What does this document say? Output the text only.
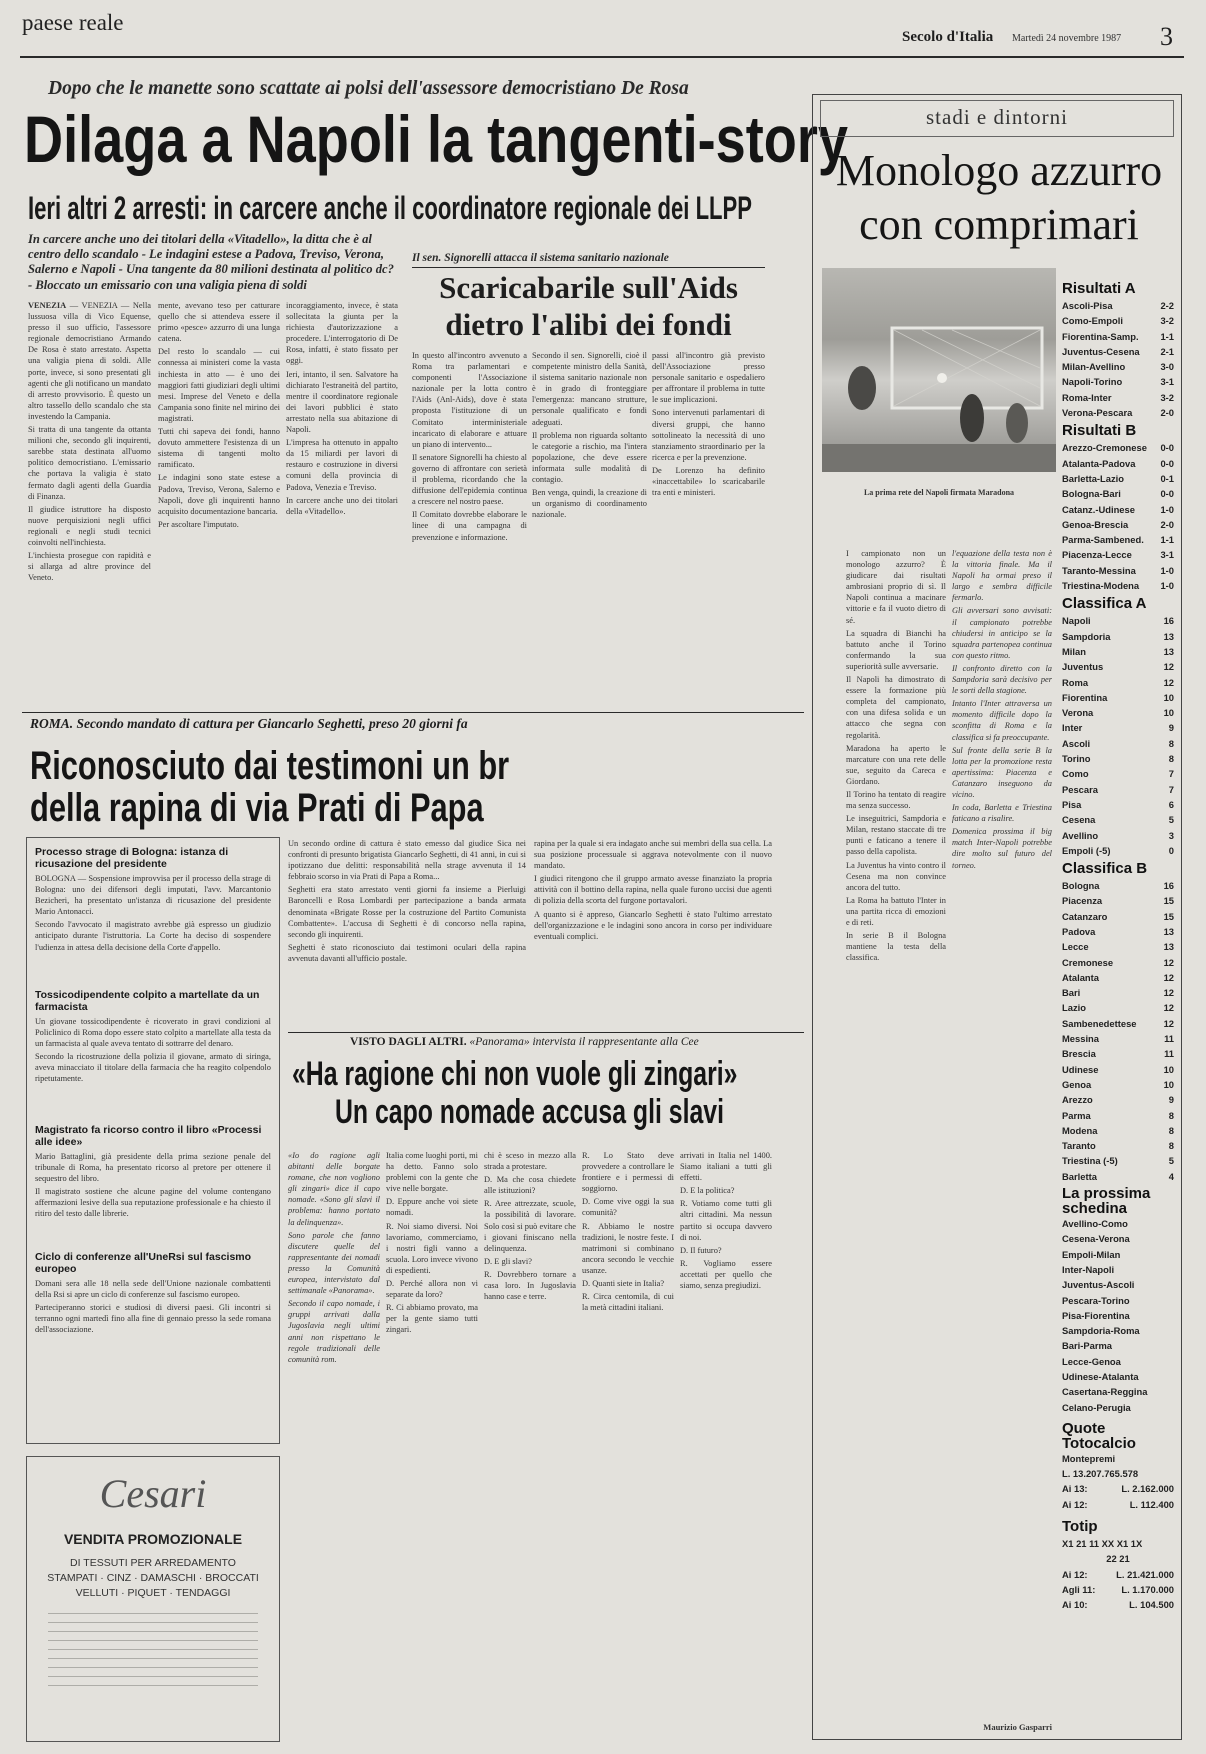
paese reale
Secolo d'Italia Martedì 24 novembre 1987 3
Dopo che le manette sono scattate ai polsi dell'assessore democristiano De Rosa
Dilaga a Napoli la tangenti-story
Ieri altri 2 arresti: in carcere anche il coordinatore regionale dei LLPP
In carcere anche uno dei titolari della «Vitadello», la ditta che è al centro dello scandalo - Le indagini estese a Padova, Treviso, Verona, Salerno e Napoli - Una tangente da 80 milioni destinata al politico dc? - Bloccato un emissario con una valigia piena di soldi

VENEZIA — VENEZIA — Nella lussuosa villa di Vico Equense, presso il suo ufficio, l'assessore regionale democristiano Armando De Rosa è stato arrestato. Aspetta una valigia piena di soldi. Alle porte, invece, si sono presentati gli agenti che gli notificano un mandato di arresto provvisorio. È questo un altro tassello dello scandalo che sta investendo la Campania.

Si tratta di una tangente da ottanta milioni che, secondo gli inquirenti, sarebbe stata destinata all'uomo politico democristiano. L'emissario che portava la valigia è stato fermato dagli agenti della Guardia di Finanza.

Il giudice istruttore ha disposto nuove perquisizioni negli uffici regionali e negli studi tecnici coinvolti nell'inchiesta.

L'inchiesta prosegue con rapidità e si allarga ad altre province del Veneto.

mente, avevano teso per catturare quello che si attendeva essere il primo «pesce» azzurro di una lunga catena.

Del resto lo scandalo — cui connessa ai ministeri come la vasta inchiesta in atto — è uno dei maggiori fatti giudiziari degli ultimi mesi. Imprese del Veneto e della Campania sono finite nel mirino dei magistrati.

Tutti chi sapeva dei fondi, hanno dovuto ammettere l'esistenza di un sistema di tangenti molto ramificato.

Le indagini sono state estese a Padova, Treviso, Verona, Salerno e Napoli, dove gli inquirenti hanno acquisito documentazione bancaria.

Per ascoltare l'imputato.

incoraggiamento, invece, è stata sollecitata la giunta per la richiesta d'autorizzazione a procedere. L'interrogatorio di De Rosa, infatti, è stato fissato per oggi.

Ieri, intanto, il sen. Salvatore ha dichiarato l'estraneità del partito, mentre il coordinatore regionale dei lavori pubblici è stato arrestato nella sua abitazione di Napoli.

L'impresa ha ottenuto in appalto da 15 miliardi per lavori di restauro e costruzione in diversi comuni della provincia di Padova, Venezia e Treviso.

In carcere anche uno dei titolari della «Vitadello».

Il sen. Signorelli attacca il sistema sanitario nazionale
Scaricabarile sull'Aids
dietro l'alibi dei fondi

In questo all'incontro avvenuto a Roma tra parlamentari e componenti l'Associazione nazionale per la lotta contro l'Aids (Anl-Aids), dove è stata proposta l'istituzione di un Comitato interministeriale incaricato di elaborare e attuare un piano di intervento...

Il senatore Signorelli ha chiesto al governo di affrontare con serietà il problema, ricordando che la diffusione dell'epidemia continua a crescere nel nostro paese.

Il Comitato dovrebbe elaborare le linee di una campagna di prevenzione e informazione.

Secondo il sen. Signorelli, cioè il competente ministro della Sanità, il sistema sanitario nazionale non è in grado di fronteggiare l'emergenza: mancano strutture, personale qualificato e fondi adeguati.

Il problema non riguarda soltanto le categorie a rischio, ma l'intera popolazione, che deve essere informata sulle modalità di contagio.

Ben venga, quindi, la creazione di un organismo di coordinamento nazionale.

passi all'incontro già previsto dell'Associazione presso personale sanitario e ospedaliero per affrontare il problema in tutte le sue implicazioni.

Sono intervenuti parlamentari di diversi gruppi, che hanno sottolineato la necessità di uno stanziamento straordinario per la ricerca e per la prevenzione.

De Lorenzo ha definito «inaccettabile» lo scaricabarile tra enti e ministeri.

ROMA. Secondo mandato di cattura per Giancarlo Seghetti, preso 20 giorni fa
Riconosciuto dai testimoni un br
della rapina di via Prati di Papa

Un secondo ordine di cattura è stato emesso dal giudice Sica nei confronti di presunto brigatista Giancarlo Seghetti, di 41 anni, in cui si ipotizzano due delitti: responsabilità nella strage avvenuta il 14 febbraio scorso in via Prati di Papa a Roma...

Seghetti era stato arrestato venti giorni fa insieme a Pierluigi Baroncelli e Rosa Lombardi per partecipazione a banda armata denominata «Brigate Rosse per la costruzione del Partito Comunista Combattente». L'accusa di Seghetti è di concorso nella rapina, secondo gli inquirenti.

Seghetti è stato riconosciuto dai testimoni oculari della rapina avvenuta davanti all'ufficio postale.

rapina per la quale si era indagato anche sui membri della sua cella. La sua posizione processuale si aggrava notevolmente con il nuovo mandato.

I giudici ritengono che il gruppo armato avesse finanziato la propria attività con il bottino della rapina, nella quale furono uccisi due agenti di polizia della scorta del furgone portavalori.

A quanto si è appreso, Giancarlo Seghetti è stato l'ultimo arrestato dell'organizzazione e le indagini sono ancora in corso per individuare eventuali complici.

Processo strage di Bologna: istanza di ricusazione del presidente

BOLOGNA — Sospensione improvvisa per il processo della strage di Bologna: uno dei difensori degli imputati, l'avv. Marcantonio Bezicheri, ha presentato un'istanza di ricusazione del presidente Mario Antonacci.

Secondo l'avvocato il magistrato avrebbe già espresso un giudizio anticipato durante l'istruttoria. La Corte ha deciso di sospendere l'udienza in attesa della decisione della Corte d'appello.

Tossicodipendente colpito a martellate da un farmacista

Un giovane tossicodipendente è ricoverato in gravi condizioni al Policlinico di Roma dopo essere stato colpito a martellate alla testa da un farmacista al quale aveva tentato di sottrarre del denaro.

Secondo la ricostruzione della polizia il giovane, armato di siringa, aveva minacciato il titolare della farmacia che ha reagito colpendolo ripetutamente.

Magistrato fa ricorso contro il libro «Processi alle idee»

Mario Battaglini, già presidente della prima sezione penale del tribunale di Roma, ha presentato ricorso al pretore per ottenere il sequestro del libro.

Il magistrato sostiene che alcune pagine del volume contengano affermazioni lesive della sua reputazione professionale e ha chiesto il ritiro del testo dalle librerie.

Ciclo di conferenze all'UneRsi sul fascismo europeo

Domani sera alle 18 nella sede dell'Unione nazionale combattenti della Rsi si apre un ciclo di conferenze sul fascismo europeo.

Parteciperanno storici e studiosi di diversi paesi. Gli incontri si terranno ogni martedì fino alla fine di gennaio presso la sede romana dell'associazione.

Cesari
VENDITA PROMOZIONALE
DI TESSUTI PER ARREDAMENTO
STAMPATI · CINZ · DAMASCHI · BROCCATI
VELLUTI · PIQUET · TENDAGGI
VISTO DAGLI ALTRI. «Panorama» intervista il rappresentante alla Cee
«Ha ragione chi non vuole gli zingari»
Un capo nomade accusa gli slavi

«Io do ragione agli abitanti delle borgate romane, che non vogliono gli zingari» dice il capo nomade. «Sono gli slavi il problema: hanno portato la delinquenza».

Sono parole che fanno discutere quelle del rappresentante dei nomadi presso la Comunità europea, intervistato dal settimanale «Panorama».

Secondo il capo nomade, i gruppi arrivati dalla Jugoslavia negli ultimi anni non rispettano le regole tradizionali delle comunità rom.

Italia come luoghi porti, mi ha detto. Fanno solo problemi con la gente che vive nelle borgate.

D. Eppure anche voi siete nomadi.

R. Noi siamo diversi. Noi lavoriamo, commerciamo, i nostri figli vanno a scuola. Loro invece vivono di espedienti.

D. Perché allora non vi separate da loro?

R. Ci abbiamo provato, ma per la gente siamo tutti zingari.

chi è sceso in mezzo alla strada a protestare.

D. Ma che cosa chiedete alle istituzioni?

R. Aree attrezzate, scuole, la possibilità di lavorare. Solo così si può evitare che i giovani finiscano nella delinquenza.

D. E gli slavi?

R. Dovrebbero tornare a casa loro. In Jugoslavia hanno case e terre.

R. Lo Stato deve provvedere a controllare le frontiere e i permessi di soggiorno.

D. Come vive oggi la sua comunità?

R. Abbiamo le nostre tradizioni, le nostre feste. I matrimoni si combinano ancora secondo le vecchie usanze.

D. Quanti siete in Italia?

R. Circa centomila, di cui la metà cittadini italiani.

arrivati in Italia nel 1400. Siamo italiani a tutti gli effetti.

D. E la politica?

R. Votiamo come tutti gli altri cittadini. Ma nessun partito si occupa davvero di noi.

D. Il futuro?

R. Vogliamo essere accettati per quello che siamo, senza pregiudizi.

stadi e dintorni
Monologo azzurro
con comprimari
La prima rete del Napoli firmata Maradona

I campionato non un monologo azzurro? È giudicare dai risultati ambrosiani proprio di sì. Il Napoli continua a macinare vittorie e fa il vuoto dietro di sé.

La squadra di Bianchi ha battuto anche il Torino confermando la sua superiorità sulle avversarie.

Il Napoli ha dimostrato di essere la formazione più completa del campionato, con una difesa solida e un attacco che segna con regolarità.

Maradona ha aperto le marcature con una rete delle sue, seguito da Careca e Giordano.

Il Torino ha tentato di reagire ma senza successo.

Le inseguitrici, Sampdoria e Milan, restano staccate di tre punti e faticano a tenere il passo della capolista.

La Juventus ha vinto contro il Cesena ma non convince ancora del tutto.

La Roma ha battuto l'Inter in una partita ricca di emozioni e di reti.

In serie B il Bologna mantiene la testa della classifica.

l'equazione della testa non è la vittoria finale. Ma il Napoli ha ormai preso il largo e sembra difficile fermarlo.

Gli avversari sono avvisati: il campionato potrebbe chiudersi in anticipo se la squadra partenopea continua con questo ritmo.

Il confronto diretto con la Sampdoria sarà decisivo per le sorti della stagione.

Intanto l'Inter attraversa un momento difficile dopo la sconfitta di Roma e la classifica si fa preoccupante.

Sul fronte della serie B la lotta per la promozione resta apertissima: Piacenza e Catanzaro inseguono da vicino.

In coda, Barletta e Triestina faticano a risalire.

Domenica prossima il big match Inter-Napoli potrebbe dire molto sul futuro del torneo.

Maurizio Gasparri
Risultati A
Ascoli-Pisa	2-2
Como-Empoli	3-2
Fiorentina-Samp. 1-1
Juventus-Cesena 2-1
Milan-Avellino	3-0
Napoli-Torino	3-1
Roma-Inter	3-2
Verona-Pescara	2-0
Risultati B
Arezzo-Cremonese 0-0
Atalanta-Padova	0-0
Barletta-Lazio	0-1
Bologna-Bari	0-0
Catanz.-Udinese	1-0
Genoa-Brescia	2-0
Parma-Sambened. 1-1
Piacenza-Lecce	3-1
Taranto-Messina	1-0
Triestina-Modena 1-0
Classifica A
Napoli	16
Sampdoria	13
Milan	13
Juventus	12
Roma	12
Fiorentina	10
Verona	10
Inter	9
Ascoli	8
Torino	8
Como	7
Pescara	7
Pisa	6
Cesena	5
Avellino	3
Empoli (-5)	0
Classifica B
Bologna	16
Piacenza	15
Catanzaro	15
Padova	13
Lecce	13
Cremonese	12
Atalanta	12
Bari	12
Lazio	12
Sambenedettese	12
Messina	11
Brescia	11
Udinese	10
Genoa	10
Arezzo	9
Parma	8
Modena	8
Taranto	8
Triestina (-5)	5
Barletta	4
La prossima schedina
Avellino-Como
Cesena-Verona
Empoli-Milan
Inter-Napoli
Juventus-Ascoli
Pescara-Torino
Pisa-Fiorentina
Sampdoria-Roma
Bari-Parma
Lecce-Genoa
Udinese-Atalanta
Casertana-Reggina
Celano-Perugia
Quote Totocalcio
Montepremi
L. 13.207.765.578
Ai 13:	L. 2.162.000
Ai 12:	L. 112.400
Totip
X1 21 11 XX X1 1X
22 21
Ai 12:	L. 21.421.000
Agli 11:	L. 1.170.000
Ai 10:	L. 104.500
